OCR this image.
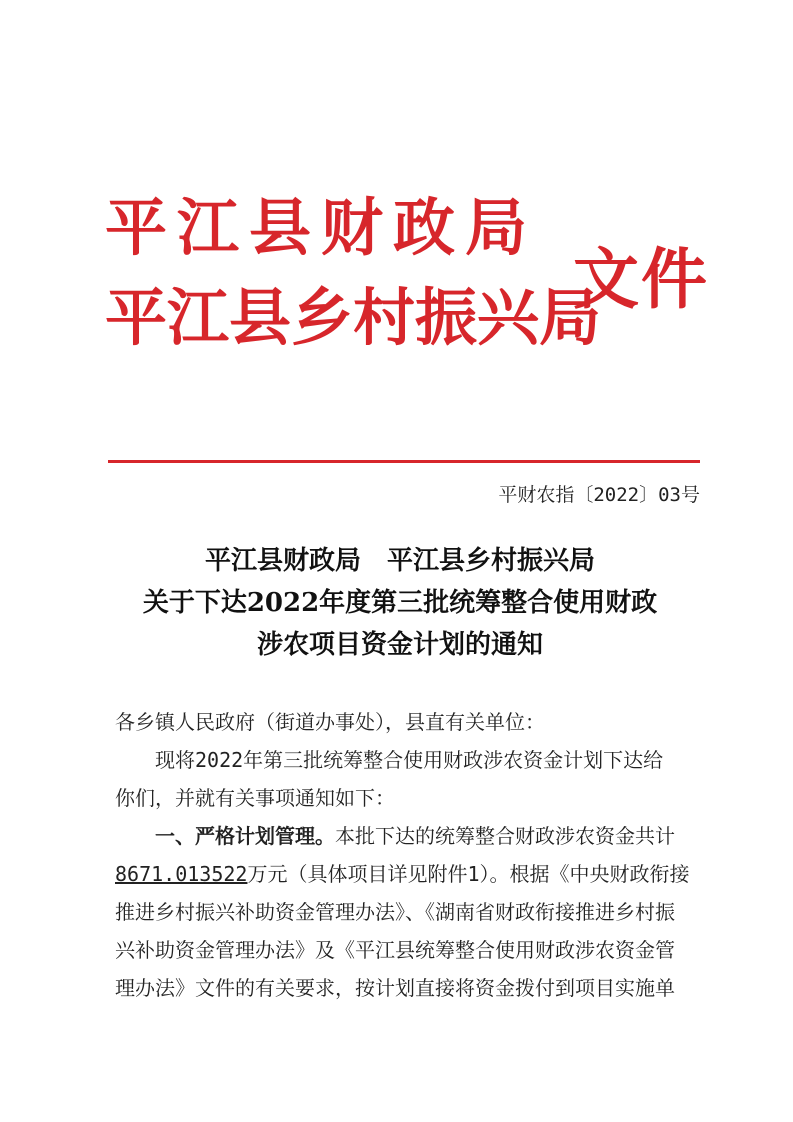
平江县财政局
平江县乡村振兴局
文件
平财农指〔2022〕03号
平江县财政局　平江县乡村振兴局
关于下达2022年度第三批统筹整合使用财政
涉农项目资金计划的通知
各乡镇人民政府（街道办事处），县直有关单位：
现将2022年第三批统筹整合使用财政涉农资金计划下达给
你们，并就有关事项通知如下：
一、严格计划管理。本批下达的统筹整合财政涉农资金共计
8671.013522万元（具体项目详见附件1）。根据《中央财政衔接
推进乡村振兴补助资金管理办法》、《湖南省财政衔接推进乡村振
兴补助资金管理办法》及《平江县统筹整合使用财政涉农资金管
理办法》文件的有关要求，按计划直接将资金拨付到项目实施单
